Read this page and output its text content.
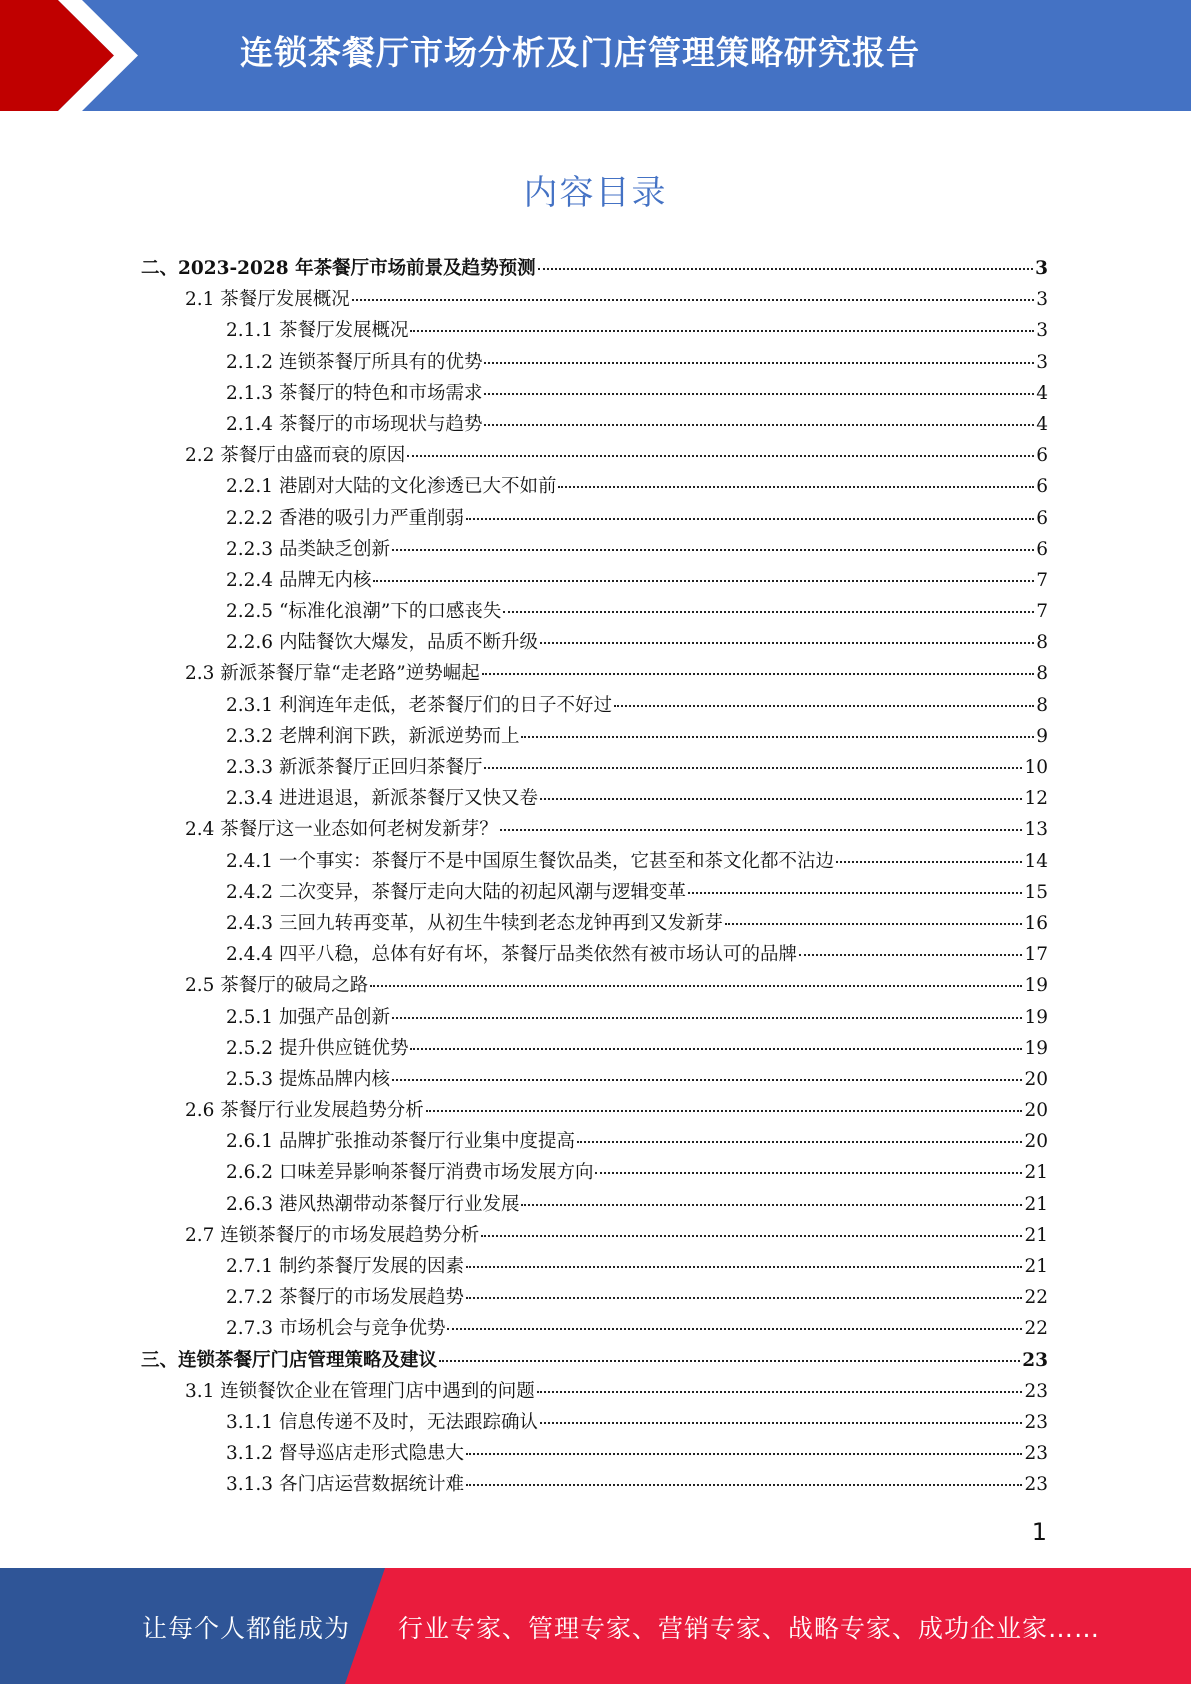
连锁茶餐厅市场分析及门店管理策略研究报告
内容目录
二、2023-2028 年茶餐厅市场前景及趋势预测	3
2.1 茶餐厅发展概况	3
2.1.1 茶餐厅发展概况	3
2.1.2 连锁茶餐厅所具有的优势	3
2.1.3 茶餐厅的特色和市场需求	4
2.1.4 茶餐厅的市场现状与趋势	4
2.2 茶餐厅由盛而衰的原因	6
2.2.1 港剧对大陆的文化渗透已大不如前	6
2.2.2 香港的吸引力严重削弱	6
2.2.3 品类缺乏创新	6
2.2.4 品牌无内核	7
2.2.5 “标准化浪潮”下的口感丧失	7
2.2.6 内陆餐饮大爆发，品质不断升级	8
2.3 新派茶餐厅靠“走老路”逆势崛起	8
2.3.1 利润连年走低，老茶餐厅们的日子不好过	8
2.3.2 老牌利润下跌，新派逆势而上	9
2.3.3 新派茶餐厅正回归茶餐厅	10
2.3.4 进进退退，新派茶餐厅又快又卷	12
2.4 茶餐厅这一业态如何老树发新芽？	13
2.4.1 一个事实：茶餐厅不是中国原生餐饮品类，它甚至和茶文化都不沾边	14
2.4.2 二次变异，茶餐厅走向大陆的初起风潮与逻辑变革	15
2.4.3 三回九转再变革，从初生牛犊到老态龙钟再到又发新芽	16
2.4.4 四平八稳，总体有好有坏，茶餐厅品类依然有被市场认可的品牌	17
2.5 茶餐厅的破局之路	19
2.5.1 加强产品创新	19
2.5.2 提升供应链优势	19
2.5.3 提炼品牌内核	20
2.6 茶餐厅行业发展趋势分析	20
2.6.1 品牌扩张推动茶餐厅行业集中度提高	20
2.6.2 口味差异影响茶餐厅消费市场发展方向	21
2.6.3 港风热潮带动茶餐厅行业发展	21
2.7 连锁茶餐厅的市场发展趋势分析	21
2.7.1 制约茶餐厅发展的因素	21
2.7.2 茶餐厅的市场发展趋势	22
2.7.3 市场机会与竞争优势	22
三、连锁茶餐厅门店管理策略及建议	23
3.1 连锁餐饮企业在管理门店中遇到的问题	23
3.1.1 信息传递不及时，无法跟踪确认	23
3.1.2 督导巡店走形式隐患大	23
3.1.3 各门店运营数据统计难	23
1
让每个人都能成为 行业专家、管理专家、营销专家、战略专家、成功企业家……
